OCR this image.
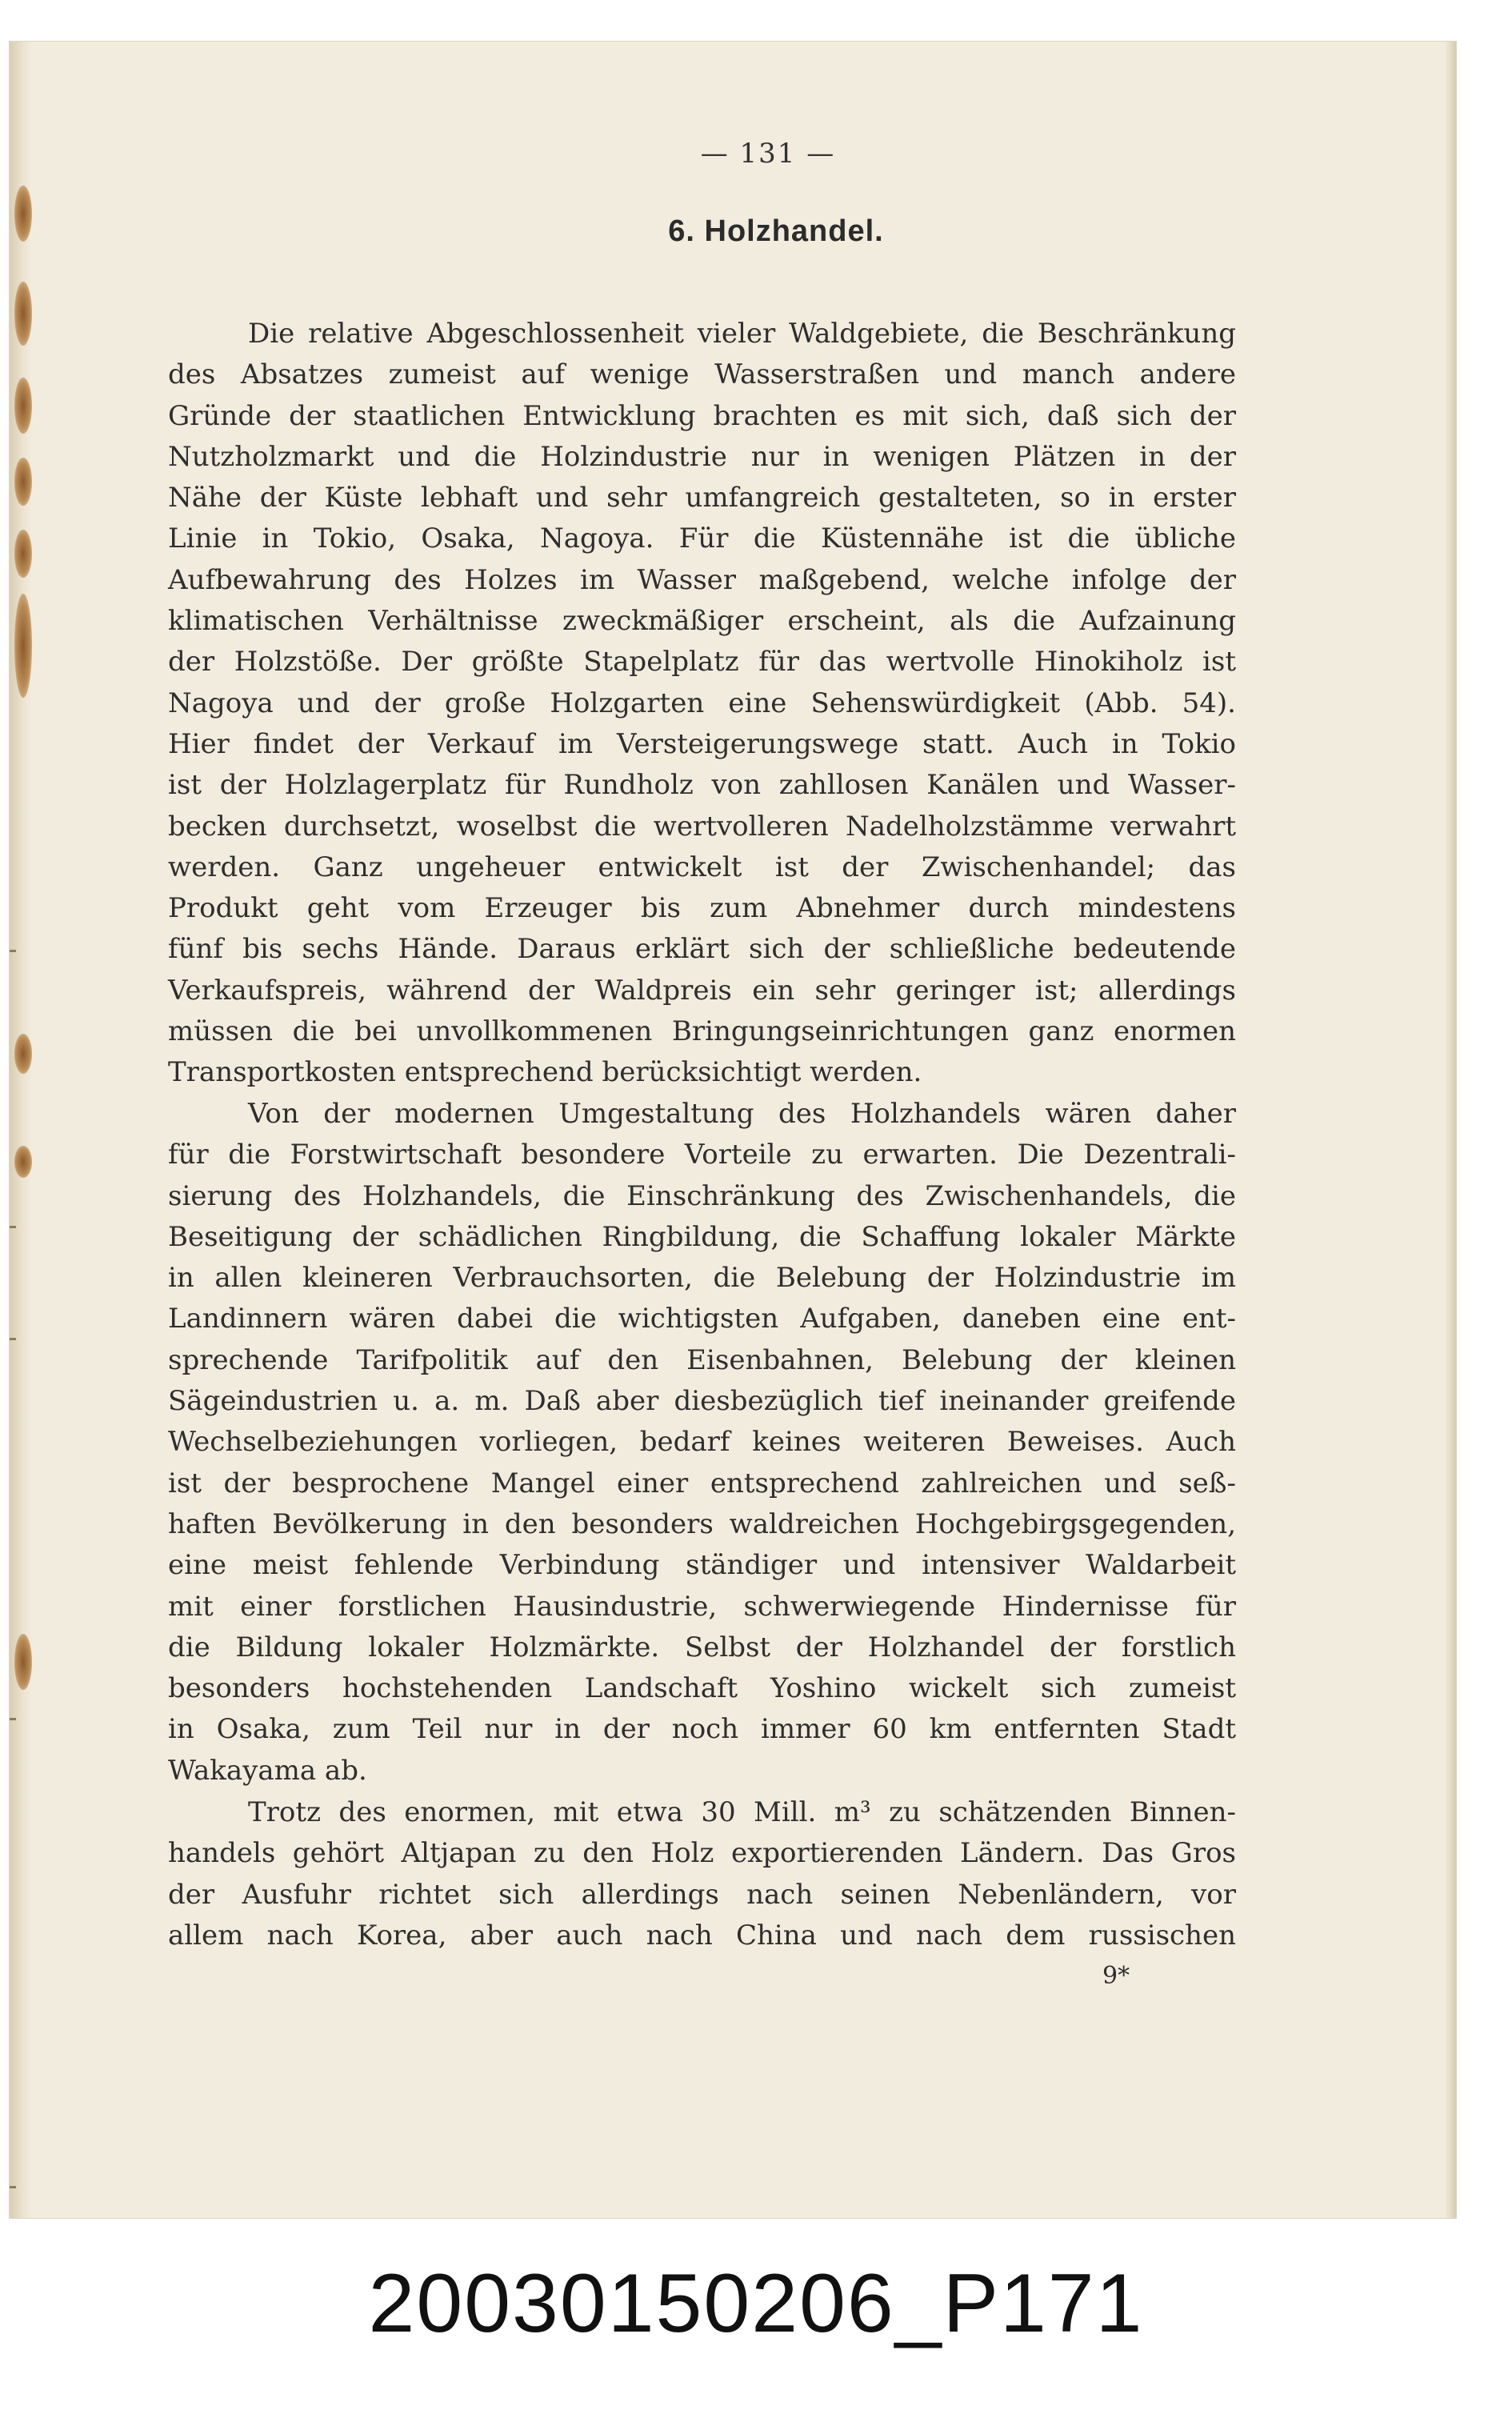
— 131 —
6. Holzhandel.
Die relative Abgeschlossenheit vieler Waldgebiete, die Beschränkung
des Absatzes zumeist auf wenige Wasserstraßen und manch andere
Gründe der staatlichen Entwicklung brachten es mit sich, daß sich der
Nutzholzmarkt und die Holzindustrie nur in wenigen Plätzen in der
Nähe der Küste lebhaft und sehr umfangreich gestalteten, so in erster
Linie in Tokio, Osaka, Nagoya. Für die Küstennähe ist die übliche
Aufbewahrung des Holzes im Wasser maßgebend, welche infolge der
klimatischen Verhältnisse zweckmäßiger erscheint, als die Aufzainung
der Holzstöße. Der größte Stapelplatz für das wertvolle Hinokiholz ist
Nagoya und der große Holzgarten eine Sehenswürdigkeit (Abb. 54).
Hier findet der Verkauf im Versteigerungswege statt. Auch in Tokio
ist der Holzlagerplatz für Rundholz von zahllosen Kanälen und Wasser-
becken durchsetzt, woselbst die wertvolleren Nadelholzstämme verwahrt
werden. Ganz ungeheuer entwickelt ist der Zwischenhandel; das
Produkt geht vom Erzeuger bis zum Abnehmer durch mindestens
fünf bis sechs Hände. Daraus erklärt sich der schließliche bedeutende
Verkaufspreis, während der Waldpreis ein sehr geringer ist; allerdings
müssen die bei unvollkommenen Bringungseinrichtungen ganz enormen
Transportkosten entsprechend berücksichtigt werden.
Von der modernen Umgestaltung des Holzhandels wären daher
für die Forstwirtschaft besondere Vorteile zu erwarten. Die Dezentrali-
sierung des Holzhandels, die Einschränkung des Zwischenhandels, die
Beseitigung der schädlichen Ringbildung, die Schaffung lokaler Märkte
in allen kleineren Verbrauchsorten, die Belebung der Holzindustrie im
Landinnern wären dabei die wichtigsten Aufgaben, daneben eine ent-
sprechende Tarifpolitik auf den Eisenbahnen, Belebung der kleinen
Sägeindustrien u. a. m. Daß aber diesbezüglich tief ineinander greifende
Wechselbeziehungen vorliegen, bedarf keines weiteren Beweises. Auch
ist der besprochene Mangel einer entsprechend zahlreichen und seß-
haften Bevölkerung in den besonders waldreichen Hochgebirgsgegenden,
eine meist fehlende Verbindung ständiger und intensiver Waldarbeit
mit einer forstlichen Hausindustrie, schwerwiegende Hindernisse für
die Bildung lokaler Holzmärkte. Selbst der Holzhandel der forstlich
besonders hochstehenden Landschaft Yoshino wickelt sich zumeist
in Osaka, zum Teil nur in der noch immer 60 km entfernten Stadt
Wakayama ab.
Trotz des enormen, mit etwa 30 Mill. m³ zu schätzenden Binnen-
handels gehört Altjapan zu den Holz exportierenden Ländern. Das Gros
der Ausfuhr richtet sich allerdings nach seinen Nebenländern, vor
allem nach Korea, aber auch nach China und nach dem russischen
9*
20030150206_P171
